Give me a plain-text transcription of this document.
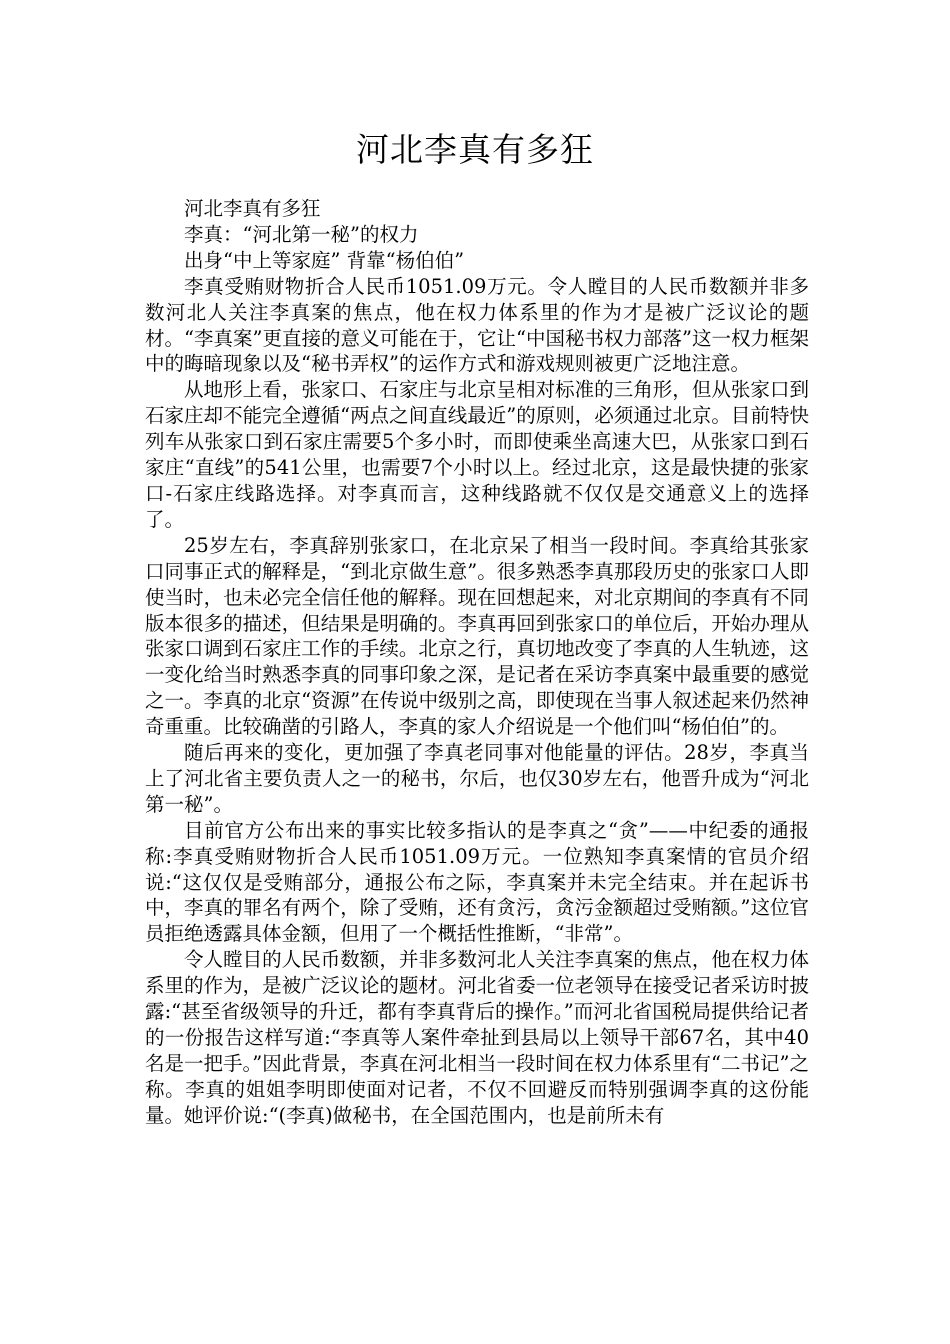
河北李真有多狂

河北李真有多狂

李真：“河北第一秘”的权力

出身“中上等家庭” 背靠“杨伯伯”

李真受贿财物折合人民币1051.09万元。令人瞠目的人民币数额并非多数河北人关注李真案的焦点，他在权力体系里的作为才是被广泛议论的题材。“李真案”更直接的意义可能在于，它让“中国秘书权力部落”这一权力框架中的晦暗现象以及“秘书弄权”的运作方式和游戏规则被更广泛地注意。

从地形上看，张家口、石家庄与北京呈相对标准的三角形，但从张家口到石家庄却不能完全遵循“两点之间直线最近”的原则，必须通过北京。目前特快列车从张家口到石家庄需要5个多小时，而即使乘坐高速大巴，从张家口到石家庄“直线”的541公里，也需要7个小时以上。经过北京，这是最快捷的张家口-石家庄线路选择。对李真而言，这种线路就不仅仅是交通意义上的选择了。

25岁左右，李真辞别张家口，在北京呆了相当一段时间。李真给其张家口同事正式的解释是，“到北京做生意”。很多熟悉李真那段历史的张家口人即使当时，也未必完全信任他的解释。现在回想起来，对北京期间的李真有不同版本很多的描述，但结果是明确的。李真再回到张家口的单位后，开始办理从张家口调到石家庄工作的手续。北京之行，真切地改变了李真的人生轨迹，这一变化给当时熟悉李真的同事印象之深，是记者在采访李真案中最重要的感觉之一。李真的北京“资源”在传说中级别之高，即使现在当事人叙述起来仍然神奇重重。比较确凿的引路人，李真的家人介绍说是一个他们叫“杨伯伯”的。

随后再来的变化，更加强了李真老同事对他能量的评估。28岁，李真当上了河北省主要负责人之一的秘书，尔后，也仅30岁左右，他晋升成为“河北第一秘”。

目前官方公布出来的事实比较多指认的是李真之“贪”——中纪委的通报称:李真受贿财物折合人民币1051.09万元。一位熟知李真案情的官员介绍说:“这仅仅是受贿部分，通报公布之际，李真案并未完全结束。并在起诉书中，李真的罪名有两个，除了受贿，还有贪污，贪污金额超过受贿额。”这位官员拒绝透露具体金额，但用了一个概括性推断，“非常”。

令人瞠目的人民币数额，并非多数河北人关注李真案的焦点，他在权力体系里的作为，是被广泛议论的题材。河北省委一位老领导在接受记者采访时披露:“甚至省级领导的升迁，都有李真背后的操作。”而河北省国税局提供给记者的一份报告这样写道:“李真等人案件牵扯到县局以上领导干部67名，其中40名是一把手。”因此背景，李真在河北相当一段时间在权力体系里有“二书记”之称。李真的姐姐李明即使面对记者，不仅不回避反而特别强调李真的这份能量。她评价说:“(李真)做秘书，在全国范围内，也是前所未有
